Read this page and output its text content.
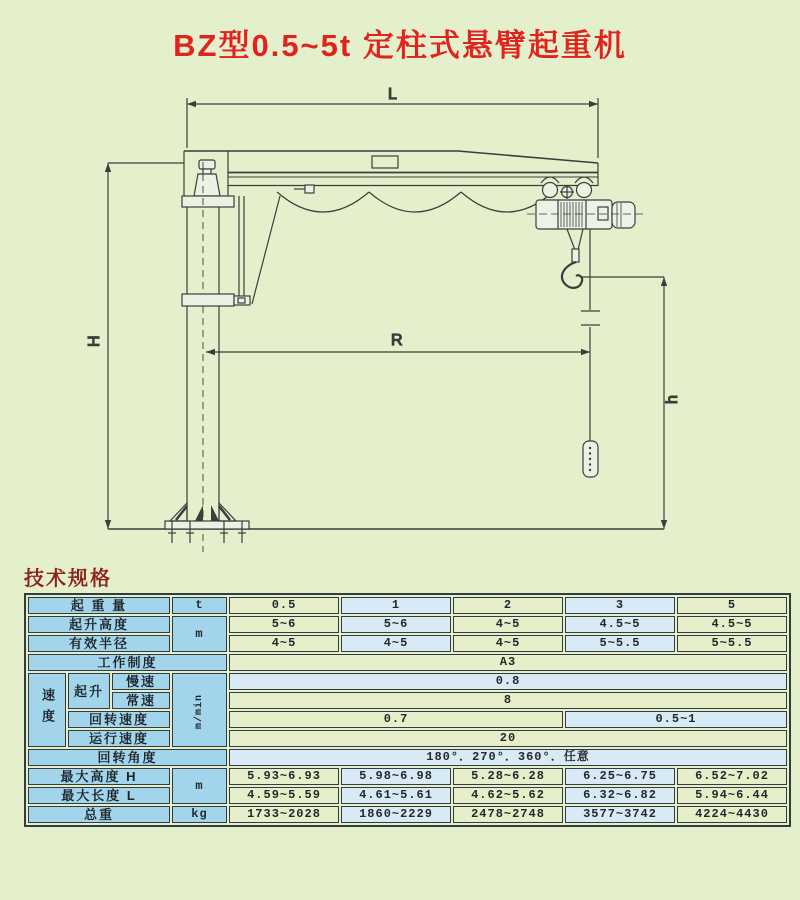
BZ型0.5~5t 定柱式悬臂起重机
L
R
H
h
技术规格
起 重 量			t	0.5	1	2	3	5
起升高度			m	5~6	5~6	4~5	4.5~5	4.5~5
有效半径				4~5	4~5	4~5	5~5.5	5~5.5
工作制度				A3				
速度	起升	慢速	m/min	0.8				
		常速		8				
	回转速度			0.7			0.5~1	
	运行速度			20				
回转角度				180°．270°．360°．任意				
最大高度 H			m	5.93~6.93	5.98~6.98	5.28~6.28	6.25~6.75	6.52~7.02
最大长度 L				4.59~5.59	4.61~5.61	4.62~5.62	6.32~6.82	5.94~6.44
总重			kg	1733~2028	1860~2229	2478~2748	3577~3742	4224~4430
